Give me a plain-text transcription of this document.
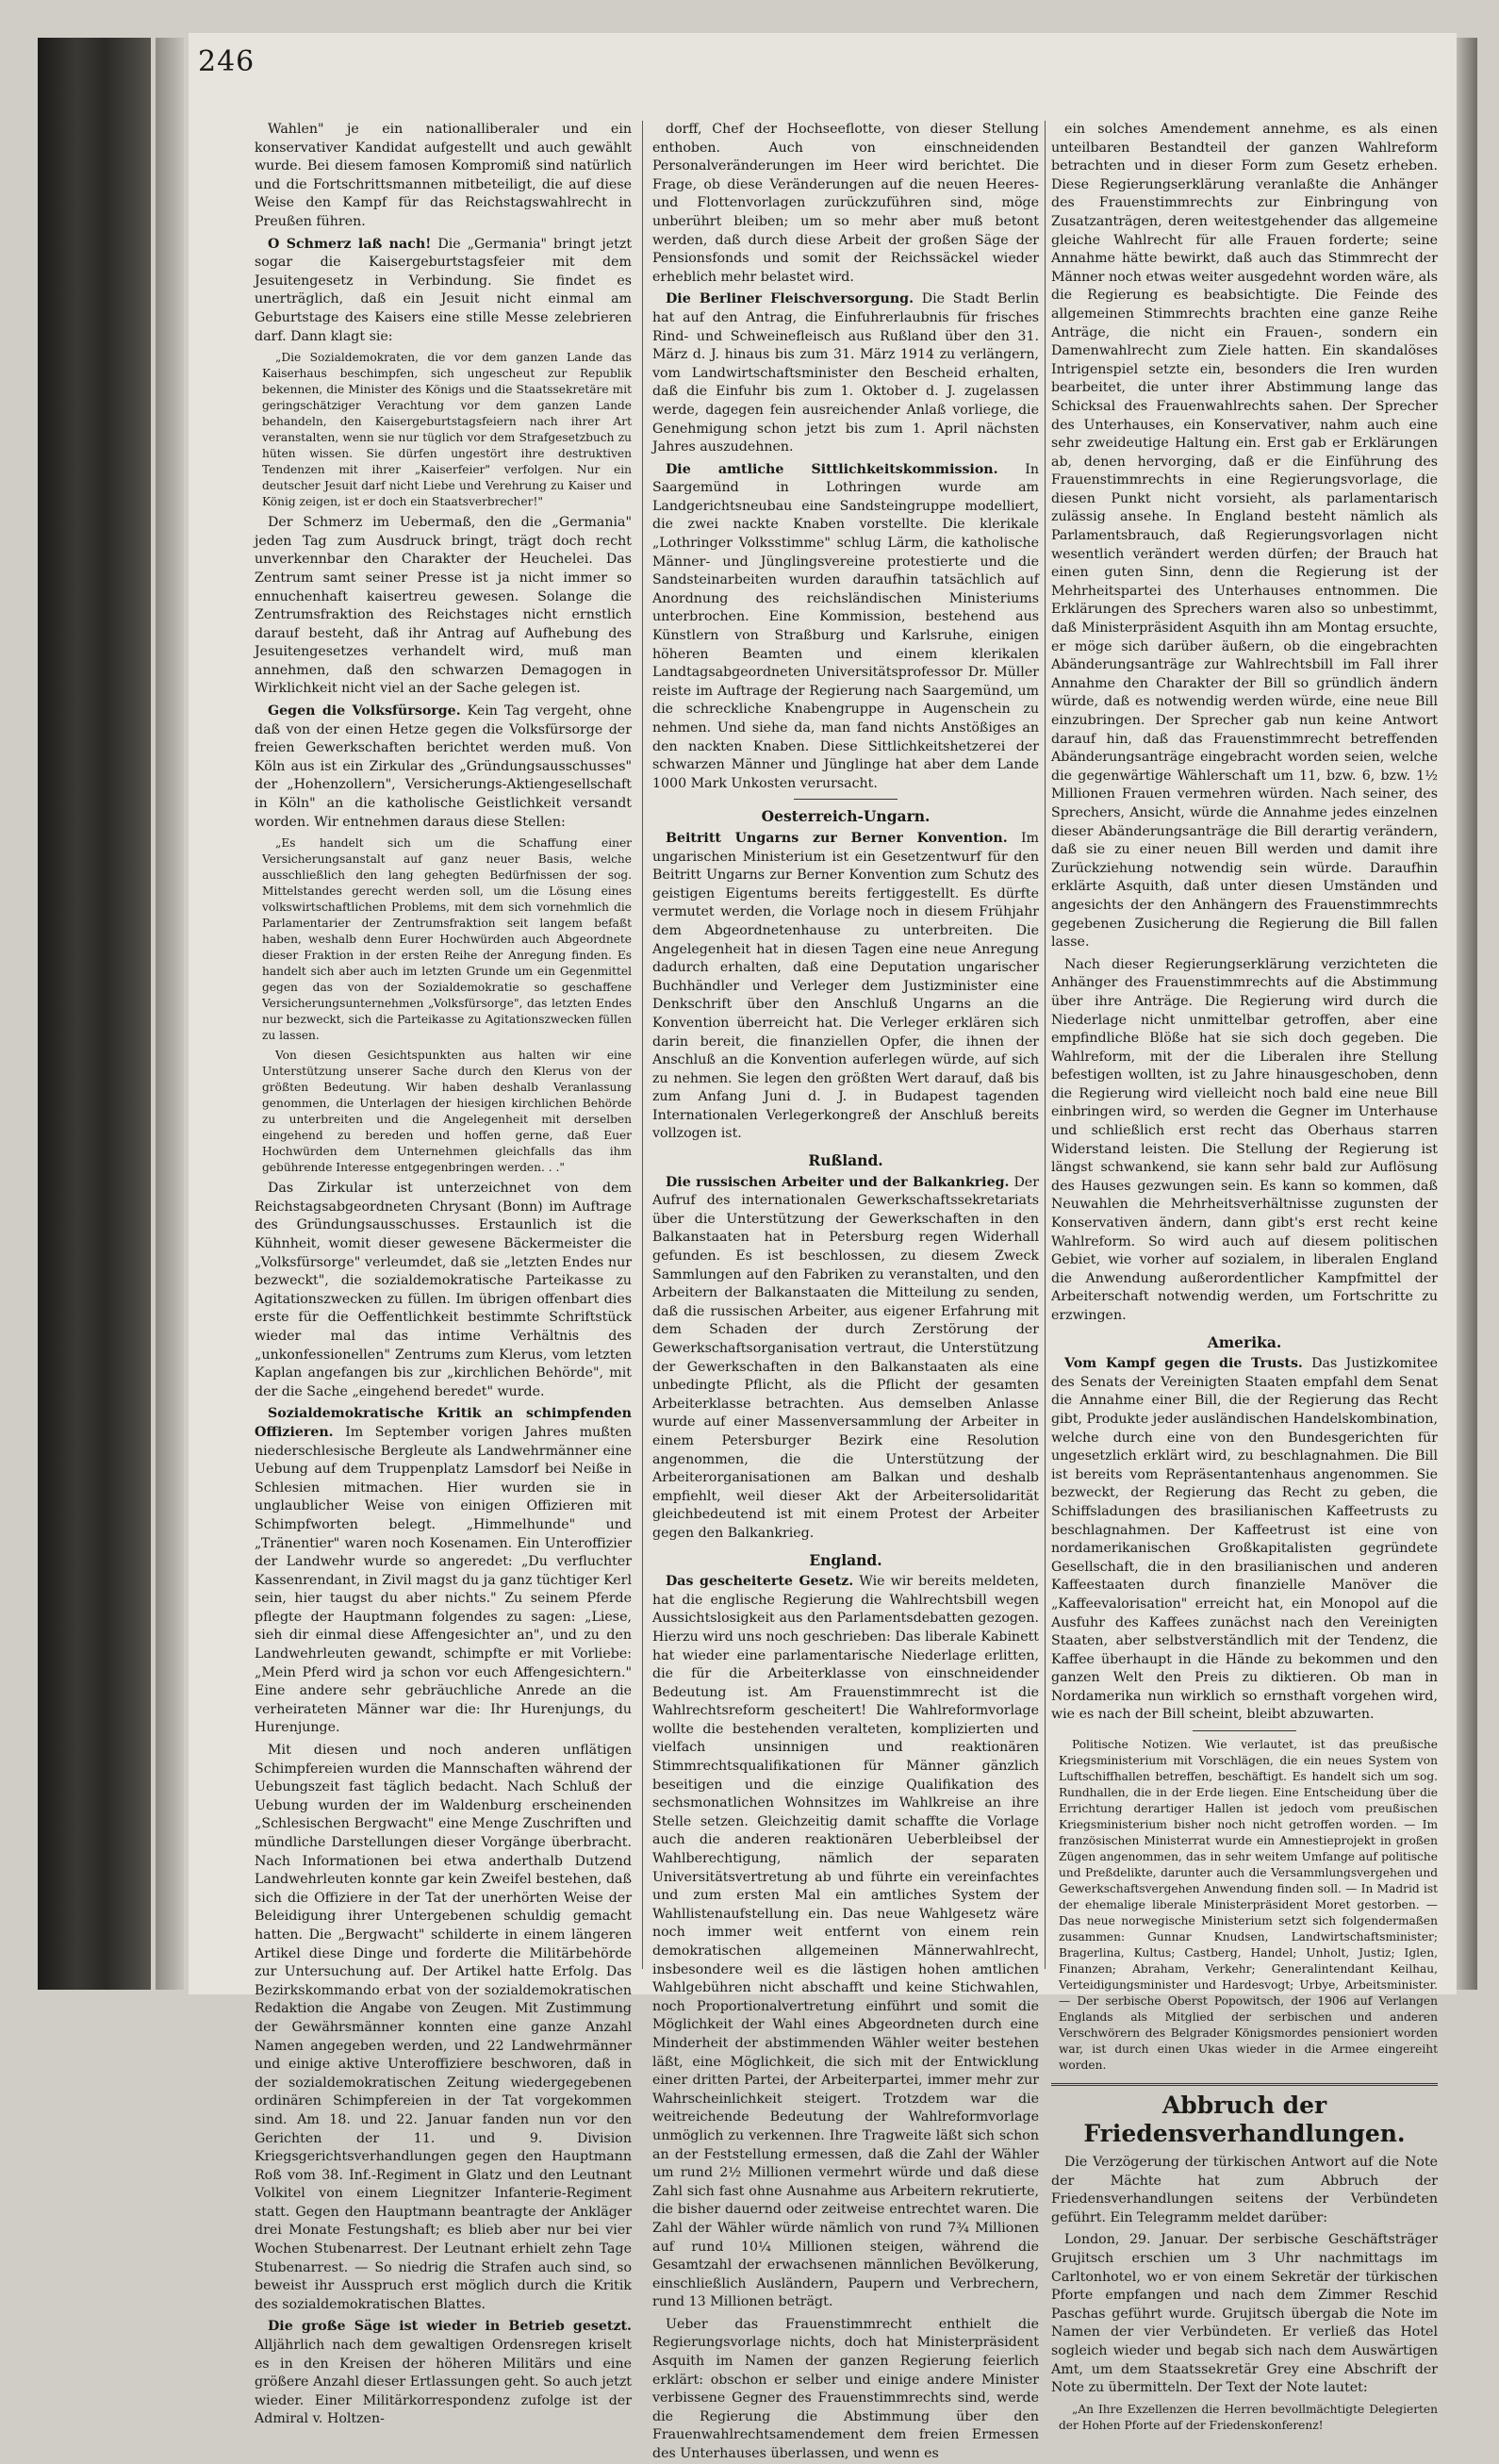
246

Wahlen" je ein nationalliberaler und ein konservativer Kandidat aufgestellt und auch gewählt wurde. Bei diesem famosen Kompromiß sind natürlich und die Fortschrittsmannen mitbeteiligt, die auf diese Weise den Kampf für das Reichstagswahlrecht in Preußen führen.

O Schmerz laß nach! Die „Germania" bringt jetzt sogar die Kaisergeburtstagsfeier mit dem Jesuitengesetz in Verbindung. Sie findet es unerträglich, daß ein Jesuit nicht einmal am Geburtstage des Kaisers eine stille Messe zelebrieren darf. Dann klagt sie:

„Die Sozialdemokraten, die vor dem ganzen Lande das Kaiserhaus beschimpfen, sich ungescheut zur Republik bekennen, die Minister des Königs und die Staatssekretäre mit geringschätziger Verachtung vor dem ganzen Lande behandeln, den Kaisergeburtstagsfeiern nach ihrer Art veranstalten, wenn sie nur tüglich vor dem Strafgesetzbuch zu hüten wissen. Sie dürfen ungestört ihre destruktiven Tendenzen mit ihrer „Kaiserfeier" verfolgen. Nur ein deutscher Jesuit darf nicht Liebe und Verehrung zu Kaiser und König zeigen, ist er doch ein Staatsverbrecher!"

Der Schmerz im Uebermaß, den die „Germania" jeden Tag zum Ausdruck bringt, trägt doch recht unverkennbar den Charakter der Heuchelei. Das Zentrum samt seiner Presse ist ja nicht immer so ennuchenhaft kaisertreu gewesen. Solange die Zentrumsfraktion des Reichstages nicht ernstlich darauf besteht, daß ihr Antrag auf Aufhebung des Jesuitengesetzes verhandelt wird, muß man annehmen, daß den schwarzen Demagogen in Wirklichkeit nicht viel an der Sache gelegen ist.

Gegen die Volksfürsorge. Kein Tag vergeht, ohne daß von der einen Hetze gegen die Volksfürsorge der freien Gewerkschaften berichtet werden muß. Von Köln aus ist ein Zirkular des „Gründungsausschusses" der „Hohenzollern", Versicherungs-Aktiengesellschaft in Köln" an die katholische Geistlichkeit versandt worden. Wir entnehmen daraus diese Stellen:

„Es handelt sich um die Schaffung einer Versicherungsanstalt auf ganz neuer Basis, welche ausschließlich den lang gehegten Bedürfnissen der sog. Mittelstandes gerecht werden soll, um die Lösung eines volkswirtschaftlichen Problems, mit dem sich vornehmlich die Parlamentarier der Zentrumsfraktion seit langem befaßt haben, weshalb denn Eurer Hochwürden auch Abgeordnete dieser Fraktion in der ersten Reihe der Anregung finden. Es handelt sich aber auch im letzten Grunde um ein Gegenmittel gegen das von der Sozialdemokratie so geschaffene Versicherungsunternehmen „Volksfürsorge", das letzten Endes nur bezweckt, sich die Parteikasse zu Agitationszwecken füllen zu lassen.

Von diesen Gesichtspunkten aus halten wir eine Unterstützung unserer Sache durch den Klerus von der größten Bedeutung. Wir haben deshalb Veranlassung genommen, die Unterlagen der hiesigen kirchlichen Behörde zu unterbreiten und die Angelegenheit mit derselben eingehend zu bereden und hoffen gerne, daß Euer Hochwürden dem Unternehmen gleichfalls das ihm gebührende Interesse entgegenbringen werden. . ."

Das Zirkular ist unterzeichnet von dem Reichstagsabgeordneten Chrysant (Bonn) im Auftrage des Gründungsausschusses. Erstaunlich ist die Kühnheit, womit dieser gewesene Bäckermeister die „Volksfürsorge" verleumdet, daß sie „letzten Endes nur bezweckt", die sozialdemokratische Parteikasse zu Agitationszwecken zu füllen. Im übrigen offenbart dies erste für die Oeffentlichkeit bestimmte Schriftstück wieder mal das intime Verhältnis des „unkonfessionellen" Zentrums zum Klerus, vom letzten Kaplan angefangen bis zur „kirchlichen Behörde", mit der die Sache „eingehend beredet" wurde.

Sozialdemokratische Kritik an schimpfenden Offizieren. Im September vorigen Jahres mußten niederschlesische Bergleute als Landwehrmänner eine Uebung auf dem Truppenplatz Lamsdorf bei Neiße in Schlesien mitmachen. Hier wurden sie in unglaublicher Weise von einigen Offizieren mit Schimpfworten belegt. „Himmelhunde" und „Tränentier" waren noch Kosenamen. Ein Unteroffizier der Landwehr wurde so angeredet: „Du verfluchter Kassenrendant, in Zivil magst du ja ganz tüchtiger Kerl sein, hier taugst du aber nichts." Zu seinem Pferde pflegte der Hauptmann folgendes zu sagen: „Liese, sieh dir einmal diese Affengesichter an", und zu den Landwehrleuten gewandt, schimpfte er mit Vorliebe: „Mein Pferd wird ja schon vor euch Affengesichtern." Eine andere sehr gebräuchliche Anrede an die verheirateten Männer war die: Ihr Hurenjungs, du Hurenjunge.

Mit diesen und noch anderen unflätigen Schimpfereien wurden die Mannschaften während der Uebungszeit fast täglich bedacht. Nach Schluß der Uebung wurden der im Waldenburg erscheinenden „Schlesischen Bergwacht" eine Menge Zuschriften und mündliche Darstellungen dieser Vorgänge überbracht. Nach Informationen bei etwa anderthalb Dutzend Landwehrleuten konnte gar kein Zweifel bestehen, daß sich die Offiziere in der Tat der unerhörten Weise der Beleidigung ihrer Untergebenen schuldig gemacht hatten. Die „Bergwacht" schilderte in einem längeren Artikel diese Dinge und forderte die Militärbehörde zur Untersuchung auf. Der Artikel hatte Erfolg. Das Bezirkskommando erbat von der sozialdemokratischen Redaktion die Angabe von Zeugen. Mit Zustimmung der Gewährsmänner konnten eine ganze Anzahl Namen angegeben werden, und 22 Landwehrmänner und einige aktive Unteroffiziere beschworen, daß in der sozialdemokratischen Zeitung wiedergegebenen ordinären Schimpfereien in der Tat vorgekommen sind. Am 18. und 22. Januar fanden nun vor den Gerichten der 11. und 9. Division Kriegsgerichtsverhandlungen gegen den Hauptmann Roß vom 38. Inf.-Regiment in Glatz und den Leutnant Volkitel von einem Liegnitzer Infanterie-Regiment statt. Gegen den Hauptmann beantragte der Ankläger drei Monate Festungshaft; es blieb aber nur bei vier Wochen Stubenarrest. Der Leutnant erhielt zehn Tage Stubenarrest. — So niedrig die Strafen auch sind, so beweist ihr Ausspruch erst möglich durch die Kritik des sozialdemokratischen Blattes.

Die große Säge ist wieder in Betrieb gesetzt. Alljährlich nach dem gewaltigen Ordensregen kriselt es in den Kreisen der höheren Militärs und eine größere Anzahl dieser Ertlassungen geht. So auch jetzt wieder. Einer Militärkorrespondenz zufolge ist der Admiral v. Holtzen-

dorff, Chef der Hochseeflotte, von dieser Stellung enthoben. Auch von einschneidenden Personalveränderungen im Heer wird berichtet. Die Frage, ob diese Veränderungen auf die neuen Heeres- und Flottenvorlagen zurückzuführen sind, möge unberührt bleiben; um so mehr aber muß betont werden, daß durch diese Arbeit der großen Säge der Pensionsfonds und somit der Reichssäckel wieder erheblich mehr belastet wird.

Die Berliner Fleischversorgung. Die Stadt Berlin hat auf den Antrag, die Einfuhrerlaubnis für frisches Rind- und Schweinefleisch aus Rußland über den 31. März d. J. hinaus bis zum 31. März 1914 zu verlängern, vom Landwirtschaftsminister den Bescheid erhalten, daß die Einfuhr bis zum 1. Oktober d. J. zugelassen werde, dagegen fein ausreichender Anlaß vorliege, die Genehmigung schon jetzt bis zum 1. April nächsten Jahres auszudehnen.

Die amtliche Sittlichkeitskommission. In Saargemünd in Lothringen wurde am Landgerichtsneubau eine Sandsteingruppe modelliert, die zwei nackte Knaben vorstellte. Die klerikale „Lothringer Volksstimme" schlug Lärm, die katholische Männer- und Jünglingsvereine protestierte und die Sandsteinarbeiten wurden daraufhin tatsächlich auf Anordnung des reichsländischen Ministeriums unterbrochen. Eine Kommission, bestehend aus Künstlern von Straßburg und Karlsruhe, einigen höheren Beamten und einem klerikalen Landtagsabgeordneten Universitätsprofessor Dr. Müller reiste im Auftrage der Regierung nach Saargemünd, um die schreckliche Knabengruppe in Augenschein zu nehmen. Und siehe da, man fand nichts Anstößiges an den nackten Knaben. Diese Sittlichkeitshetzerei der schwarzen Männer und Jünglinge hat aber dem Lande 1000 Mark Unkosten verursacht.

Oesterreich-Ungarn.

Beitritt Ungarns zur Berner Konvention. Im ungarischen Ministerium ist ein Gesetzentwurf für den Beitritt Ungarns zur Berner Konvention zum Schutz des geistigen Eigentums bereits fertiggestellt. Es dürfte vermutet werden, die Vorlage noch in diesem Frühjahr dem Abgeordnetenhause zu unterbreiten. Die Angelegenheit hat in diesen Tagen eine neue Anregung dadurch erhalten, daß eine Deputation ungarischer Buchhändler und Verleger dem Justizminister eine Denkschrift über den Anschluß Ungarns an die Konvention überreicht hat. Die Verleger erklären sich darin bereit, die finanziellen Opfer, die ihnen der Anschluß an die Konvention auferlegen würde, auf sich zu nehmen. Sie legen den größten Wert darauf, daß bis zum Anfang Juni d. J. in Budapest tagenden Internationalen Verlegerkongreß der Anschluß bereits vollzogen ist.

Rußland.

Die russischen Arbeiter und der Balkankrieg. Der Aufruf des internationalen Gewerkschaftssekretariats über die Unterstützung der Gewerkschaften in den Balkanstaaten hat in Petersburg regen Widerhall gefunden. Es ist beschlossen, zu diesem Zweck Sammlungen auf den Fabriken zu veranstalten, und den Arbeitern der Balkanstaaten die Mitteilung zu senden, daß die russischen Arbeiter, aus eigener Erfahrung mit dem Schaden der durch Zerstörung der Gewerkschaftsorganisation vertraut, die Unterstützung der Gewerkschaften in den Balkanstaaten als eine unbedingte Pflicht, als die Pflicht der gesamten Arbeiterklasse betrachten. Aus demselben Anlasse wurde auf einer Massenversammlung der Arbeiter in einem Petersburger Bezirk eine Resolution angenommen, die die Unterstützung der Arbeiterorganisationen am Balkan und deshalb empfiehlt, weil dieser Akt der Arbeitersolidarität gleichbedeutend ist mit einem Protest der Arbeiter gegen den Balkankrieg.

England.

Das gescheiterte Gesetz. Wie wir bereits meldeten, hat die englische Regierung die Wahlrechtsbill wegen Aussichtslosigkeit aus den Parlamentsdebatten gezogen. Hierzu wird uns noch geschrieben: Das liberale Kabinett hat wieder eine parlamentarische Niederlage erlitten, die für die Arbeiterklasse von einschneidender Bedeutung ist. Am Frauenstimmrecht ist die Wahlrechtsreform gescheitert! Die Wahlreformvorlage wollte die bestehenden veralteten, komplizierten und vielfach unsinnigen und reaktionären Stimmrechtsqualifikationen für Männer gänzlich beseitigen und die einzige Qualifikation des sechsmonatlichen Wohnsitzes im Wahlkreise an ihre Stelle setzen. Gleichzeitig damit schaffte die Vorlage auch die anderen reaktionären Ueberbleibsel der Wahlberechtigung, nämlich der separaten Universitätsvertretung ab und führte ein vereinfachtes und zum ersten Mal ein amtliches System der Wahllistenaufstellung ein. Das neue Wahlgesetz wäre noch immer weit entfernt von einem rein demokratischen allgemeinen Männerwahlrecht, insbesondere weil es die lästigen hohen amtlichen Wahlgebühren nicht abschafft und keine Stichwahlen, noch Proportionalvertretung einführt und somit die Möglichkeit der Wahl eines Abgeordneten durch eine Minderheit der abstimmenden Wähler weiter bestehen läßt, eine Möglichkeit, die sich mit der Entwicklung einer dritten Partei, der Arbeiterpartei, immer mehr zur Wahrscheinlichkeit steigert. Trotzdem war die weitreichende Bedeutung der Wahlreformvorlage unmöglich zu verkennen. Ihre Tragweite läßt sich schon an der Feststellung ermessen, daß die Zahl der Wähler um rund 2½ Millionen vermehrt würde und daß diese Zahl sich fast ohne Ausnahme aus Arbeitern rekrutierte, die bisher dauernd oder zeitweise entrechtet waren. Die Zahl der Wähler würde nämlich von rund 7¾ Millionen auf rund 10¼ Millionen steigen, während die Gesamtzahl der erwachsenen männlichen Bevölkerung, einschließlich Ausländern, Paupern und Verbrechern, rund 13 Millionen beträgt.

Ueber das Frauenstimmrecht enthielt die Regierungsvorlage nichts, doch hat Ministerpräsident Asquith im Namen der ganzen Regierung feierlich erklärt: obschon er selber und einige andere Minister verbissene Gegner des Frauenstimmrechts sind, werde die Regierung die Abstimmung über den Frauenwahlrechtsamendement dem freien Ermessen des Unterhauses überlassen, und wenn es

ein solches Amendement annehme, es als einen unteilbaren Bestandteil der ganzen Wahlreform betrachten und in dieser Form zum Gesetz erheben. Diese Regierungserklärung veranlaßte die Anhänger des Frauenstimmrechts zur Einbringung von Zusatzanträgen, deren weitestgehender das allgemeine gleiche Wahlrecht für alle Frauen forderte; seine Annahme hätte bewirkt, daß auch das Stimmrecht der Männer noch etwas weiter ausgedehnt worden wäre, als die Regierung es beabsichtigte. Die Feinde des allgemeinen Stimmrechts brachten eine ganze Reihe Anträge, die nicht ein Frauen-, sondern ein Damenwahlrecht zum Ziele hatten. Ein skandalöses Intrigenspiel setzte ein, besonders die Iren wurden bearbeitet, die unter ihrer Abstimmung lange das Schicksal des Frauenwahlrechts sahen. Der Sprecher des Unterhauses, ein Konservativer, nahm auch eine sehr zweideutige Haltung ein. Erst gab er Erklärungen ab, denen hervorging, daß er die Einführung des Frauenstimmrechts in eine Regierungsvorlage, die diesen Punkt nicht vorsieht, als parlamentarisch zulässig ansehe. In England besteht nämlich als Parlamentsbrauch, daß Regierungsvorlagen nicht wesentlich verändert werden dürfen; der Brauch hat einen guten Sinn, denn die Regierung ist der Mehrheitspartei des Unterhauses entnommen. Die Erklärungen des Sprechers waren also so unbestimmt, daß Ministerpräsident Asquith ihn am Montag ersuchte, er möge sich darüber äußern, ob die eingebrachten Abänderungsanträge zur Wahlrechtsbill im Fall ihrer Annahme den Charakter der Bill so gründlich ändern würde, daß es notwendig werden würde, eine neue Bill einzubringen. Der Sprecher gab nun keine Antwort darauf hin, daß das Frauenstimmrecht betreffenden Abänderungsanträge eingebracht worden seien, welche die gegenwärtige Wählerschaft um 11, bzw. 6, bzw. 1½ Millionen Frauen vermehren würden. Nach seiner, des Sprechers, Ansicht, würde die Annahme jedes einzelnen dieser Abänderungsanträge die Bill derartig verändern, daß sie zu einer neuen Bill werden und damit ihre Zurückziehung notwendig sein würde. Daraufhin erklärte Asquith, daß unter diesen Umständen und angesichts der den Anhängern des Frauenstimmrechts gegebenen Zusicherung die Regierung die Bill fallen lasse.

Nach dieser Regierungserklärung verzichteten die Anhänger des Frauenstimmrechts auf die Abstimmung über ihre Anträge. Die Regierung wird durch die Niederlage nicht unmittelbar getroffen, aber eine empfindliche Blöße hat sie sich doch gegeben. Die Wahlreform, mit der die Liberalen ihre Stellung befestigen wollten, ist zu Jahre hinausgeschoben, denn die Regierung wird vielleicht noch bald eine neue Bill einbringen wird, so werden die Gegner im Unterhause und schließlich erst recht das Oberhaus starren Widerstand leisten. Die Stellung der Regierung ist längst schwankend, sie kann sehr bald zur Auflösung des Hauses gezwungen sein. Es kann so kommen, daß Neuwahlen die Mehrheitsverhältnisse zugunsten der Konservativen ändern, dann gibt's erst recht keine Wahlreform. So wird auch auf diesem politischen Gebiet, wie vorher auf sozialem, in liberalen England die Anwendung außerordentlicher Kampfmittel der Arbeiterschaft notwendig werden, um Fortschritte zu erzwingen.

Amerika.

Vom Kampf gegen die Trusts. Das Justizkomitee des Senats der Vereinigten Staaten empfahl dem Senat die Annahme einer Bill, die der Regierung das Recht gibt, Produkte jeder ausländischen Handelskombination, welche durch eine von den Bundesgerichten für ungesetzlich erklärt wird, zu beschlagnahmen. Die Bill ist bereits vom Repräsentantenhaus angenommen. Sie bezweckt, der Regierung das Recht zu geben, die Schiffsladungen des brasilianischen Kaffeetrusts zu beschlagnahmen. Der Kaffeetrust ist eine von nordamerikanischen Großkapitalisten gegründete Gesellschaft, die in den brasilianischen und anderen Kaffeestaaten durch finanzielle Manöver die „Kaffeevalorisation" erreicht hat, ein Monopol auf die Ausfuhr des Kaffees zunächst nach den Vereinigten Staaten, aber selbstverständlich mit der Tendenz, die Kaffee überhaupt in die Hände zu bekommen und den ganzen Welt den Preis zu diktieren. Ob man in Nordamerika nun wirklich so ernsthaft vorgehen wird, wie es nach der Bill scheint, bleibt abzuwarten.

Politische Notizen. Wie verlautet, ist das preußische Kriegsministerium mit Vorschlägen, die ein neues System von Luftschiffhallen betreffen, beschäftigt. Es handelt sich um sog. Rundhallen, die in der Erde liegen. Eine Entscheidung über die Errichtung derartiger Hallen ist jedoch vom preußischen Kriegsministerium bisher noch nicht getroffen worden. — Im französischen Ministerrat wurde ein Amnestieprojekt in großen Zügen angenommen, das in sehr weitem Umfange auf politische und Preßdelikte, darunter auch die Versammlungsvergehen und Gewerkschaftsvergehen Anwendung finden soll. — In Madrid ist der ehemalige liberale Ministerpräsident Moret gestorben. — Das neue norwegische Ministerium setzt sich folgendermaßen zusammen: Gunnar Knudsen, Landwirtschaftsminister; Bragerlina, Kultus; Castberg, Handel; Unholt, Justiz; Iglen, Finanzen; Abraham, Verkehr; Generalintendant Keilhau, Verteidigungsminister und Hardesvogt; Urbye, Arbeitsminister. — Der serbische Oberst Popowitsch, der 1906 auf Verlangen Englands als Mitglied der serbischen und anderen Verschwörern des Belgrader Königsmordes pensioniert worden war, ist durch einen Ukas wieder in die Armee eingereiht worden.

Abbruch der Friedensverhandlungen.

Die Verzögerung der türkischen Antwort auf die Note der Mächte hat zum Abbruch der Friedensverhandlungen seitens der Verbündeten geführt. Ein Telegramm meldet darüber:

London, 29. Januar. Der serbische Geschäftsträger Grujitsch erschien um 3 Uhr nachmittags im Carltonhotel, wo er von einem Sekretär der türkischen Pforte empfangen und nach dem Zimmer Reschid Paschas geführt wurde. Grujitsch übergab die Note im Namen der vier Verbündeten. Er verließ das Hotel sogleich wieder und begab sich nach dem Auswärtigen Amt, um dem Staatssekretär Grey eine Abschrift der Note zu übermitteln. Der Text der Note lautet:

„An Ihre Exzellenzen die Herren bevollmächtigte Delegierten der Hohen Pforte auf der Friedenskonferenz!
